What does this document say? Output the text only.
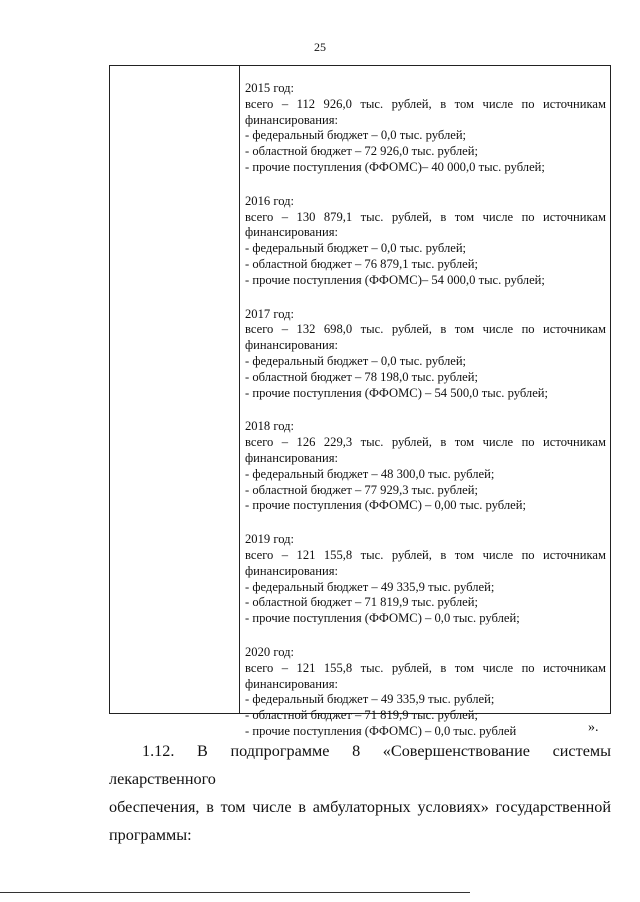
25
2015 год:
всего – 112 926,0 тыс. рублей, в том числе по источникам
финансирования:
- федеральный бюджет – 0,0 тыс. рублей;
- областной бюджет – 72 926,0 тыс. рублей;
- прочие поступления (ФФОМС)– 40 000,0 тыс. рублей;
2016 год:
всего – 130 879,1 тыс. рублей, в том числе по источникам
финансирования:
- федеральный бюджет – 0,0 тыс. рублей;
- областной бюджет – 76 879,1 тыс. рублей;
- прочие поступления (ФФОМС)– 54 000,0 тыс. рублей;
2017 год:
всего – 132 698,0 тыс. рублей, в том числе по источникам
финансирования:
- федеральный бюджет – 0,0 тыс. рублей;
- областной бюджет – 78 198,0 тыс. рублей;
- прочие поступления (ФФОМС) – 54 500,0 тыс. рублей;
2018 год:
всего – 126 229,3 тыс. рублей, в том числе по источникам
финансирования:
- федеральный бюджет – 48 300,0 тыс. рублей;
- областной бюджет – 77 929,3 тыс. рублей;
- прочие поступления (ФФОМС) – 0,00 тыс. рублей;
2019 год:
всего – 121 155,8 тыс. рублей, в том числе по источникам
финансирования:
- федеральный бюджет – 49 335,9 тыс. рублей;
- областной бюджет – 71 819,9 тыс. рублей;
- прочие поступления (ФФОМС) – 0,0 тыс. рублей;
2020 год:
всего – 121 155,8 тыс. рублей, в том числе по источникам
финансирования:
- федеральный бюджет – 49 335,9 тыс. рублей;
- областной бюджет – 71 819,9 тыс. рублей;
- прочие поступления (ФФОМС) – 0,0 тыс. рублей	».
1.12. В подпрограмме 8 «Совершенствование системы лекарственного
обеспечения, в том числе в амбулаторных условиях» государственной
программы:
